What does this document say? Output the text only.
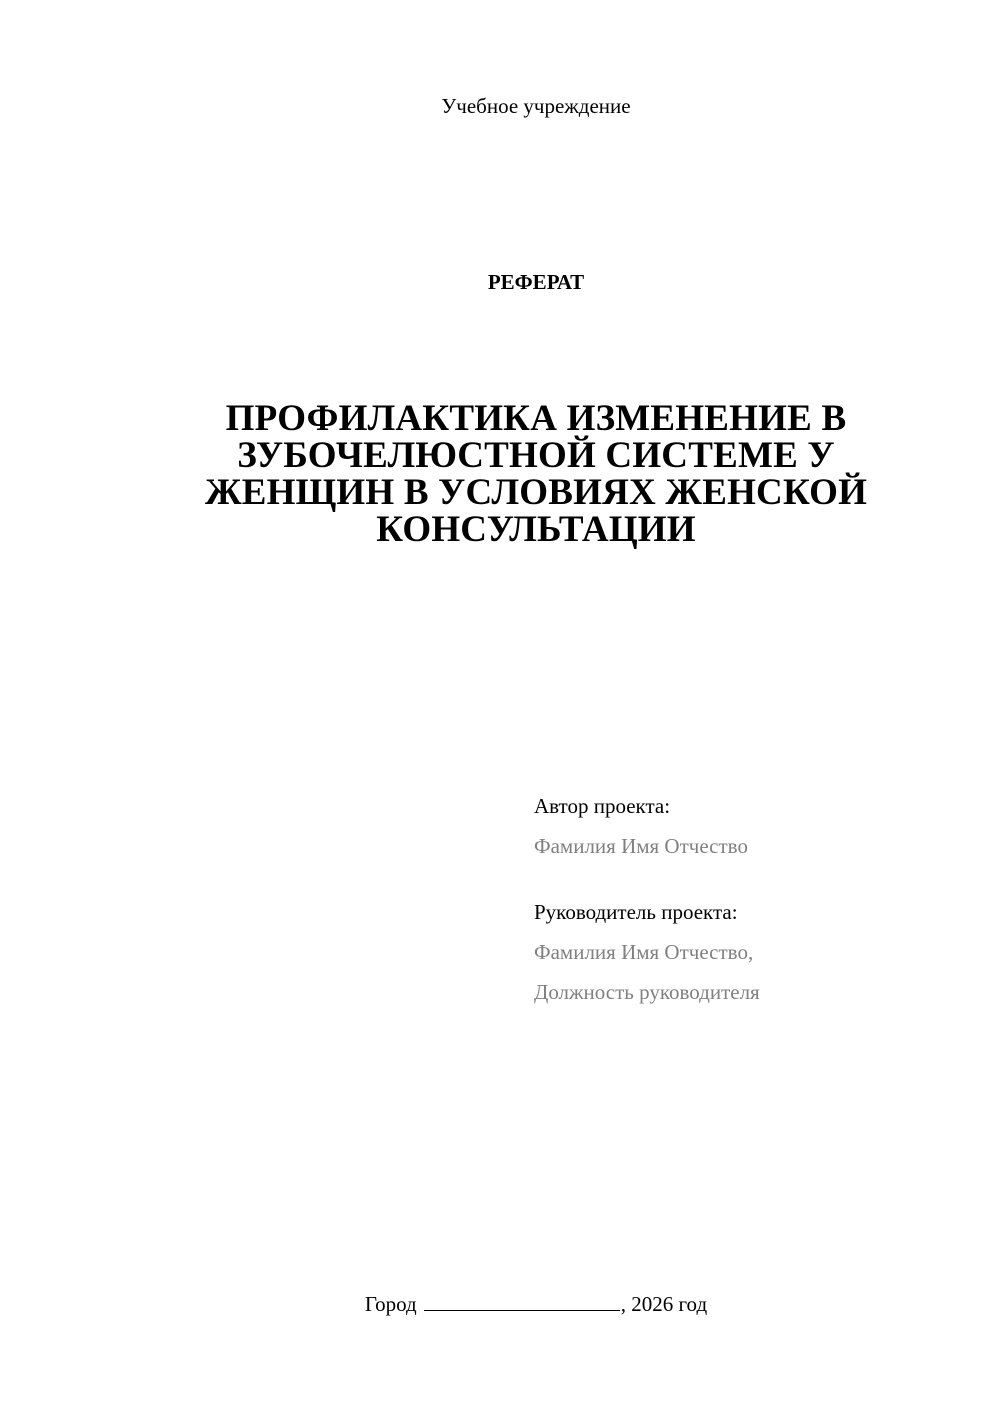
Учебное учреждение
РЕФЕРАТ
ПРОФИЛАКТИКА ИЗМЕНЕНИЕ В
ЗУБОЧЕЛЮСТНОЙ СИСТЕМЕ У
ЖЕНЩИН В УСЛОВИЯХ ЖЕНСКОЙ
КОНСУЛЬТАЦИИ
Автор проекта:
Фамилия Имя Отчество
Руководитель проекта:
Фамилия Имя Отчество,
Должность руководителя
Город	, 2026 год
